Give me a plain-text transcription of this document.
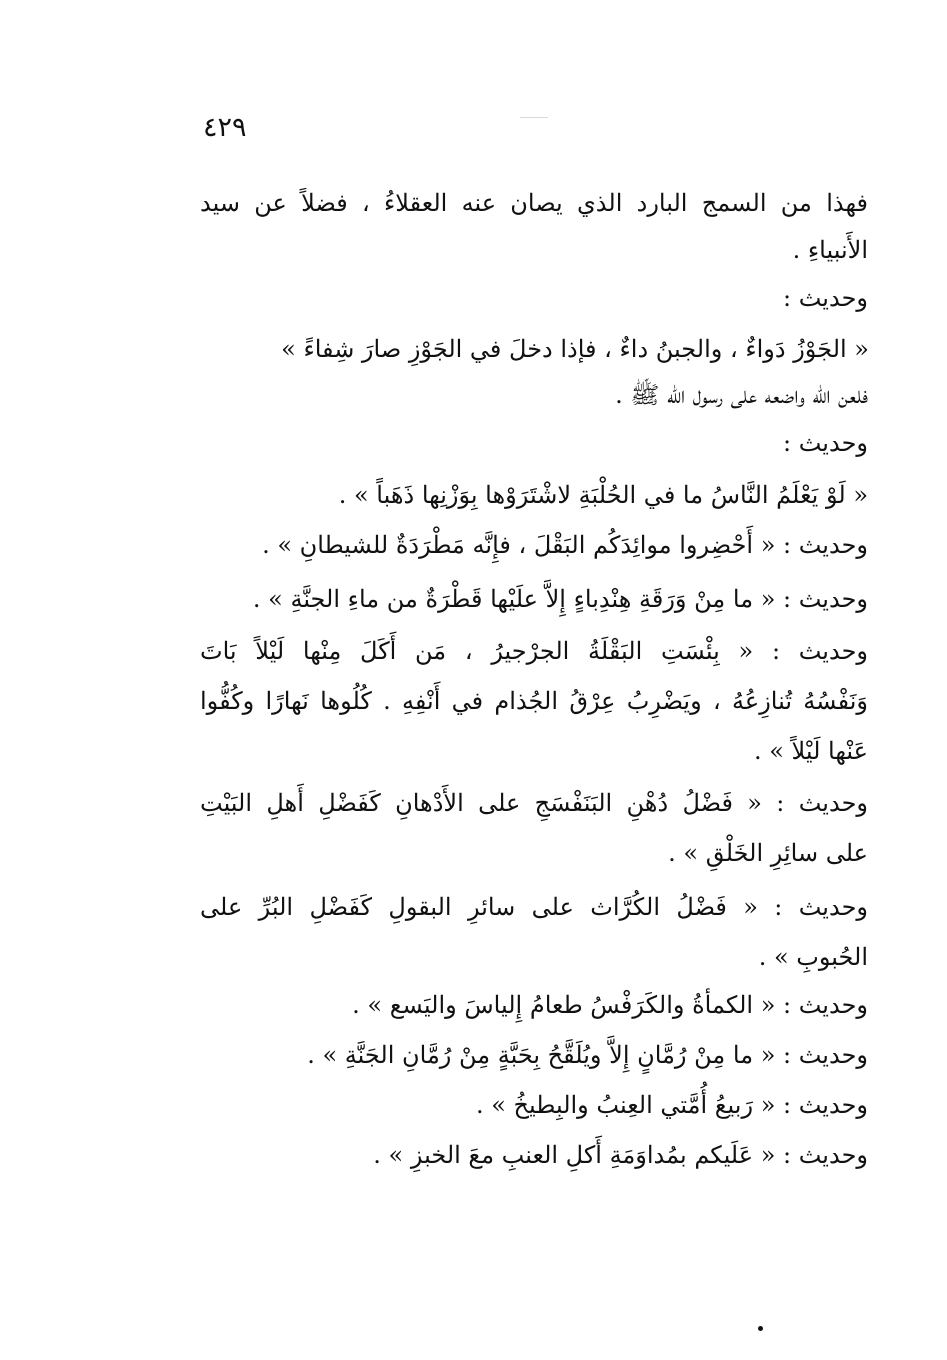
٤٢٩
فهذا من السمج البارد الذي يصان عنه العقلاءُ ، فضلاً عن سيد
الأَنبياءِ .
وحديث :
« الجَوْزُ دَواءٌ ، والجبنُ داءٌ ، فإذا دخلَ في الجَوْزِ صارَ شِفاءً »
فلعن الله واضعه على رسول الله ﷺ .
وحديث :
« لَوْ يَعْلَمُ النَّاسُ ما في الحُلْبَةِ لاشْتَرَوْها بِوَزْنِها ذَهَباً » .
وحديث : « أَحْضِروا موائِدَكُم البَقْلَ ، فإِنَّه مَطْرَدَةٌ للشيطانِ » .
وحديث : « ما مِنْ وَرَقَةِ هِنْدِباءٍ إِلاَّ علَيْها قَطْرَةٌ من ماءِ الجنَّةِ » .
وحديث : « بِئْسَتِ البَقْلَةُ الجرْجيرُ ، مَن أَكَلَ مِنْها لَيْلاً بَاتَ
وَنَفْسُهُ تُنازِعُهُ ، ويَضْرِبُ عِرْقُ الجُذام في أَنْفِهِ . كُلُوها نَهارًا وكُفُّوا
عَنْها لَيْلاً » .
وحديث : « فَضْلُ دُهْنِ البَنَفْسَجِ على الأَدْهانِ كَفَضْلِ أَهلِ البَيْتِ
على سائِرِ الخَلْقِ » .
وحديث : « فَضْلُ الكُرَّاث على سائرِ البقولِ كَفَضْلِ البُرِّ على
الحُبوبِ » .
وحديث : « الكمأةُ والكَرَفْسُ طعامُ إِلياسَ واليَسع » .
وحديث : « ما مِنْ رُمَّانٍ إِلاَّ ويُلَقَّحُ بِحَبَّةٍ مِنْ رُمَّانِ الجَنَّةِ » .
وحديث : « رَبيعُ أُمَّتي العِنبُ والبِطيخُ » .
وحديث : « عَلَيكم بمُداوَمَةِ أَكلِ العنبِ معَ الخبزِ » .
